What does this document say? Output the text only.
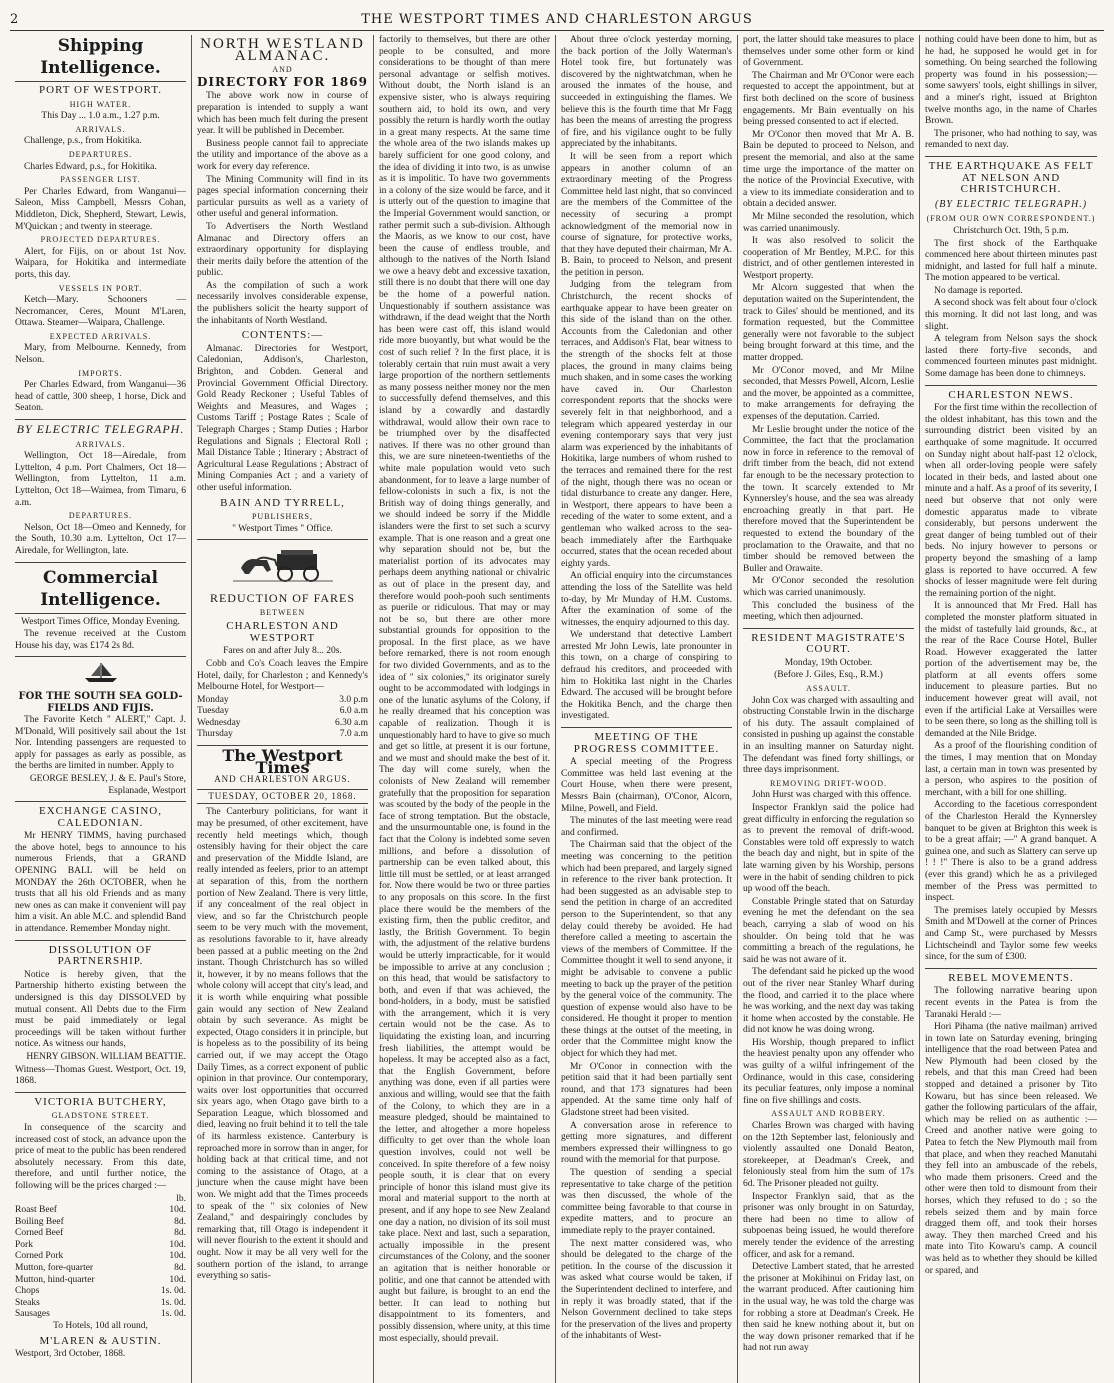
2	THE WESTPORT TIMES AND CHARLESTON ARGUS
Shipping Intelligence.
PORT OF WESTPORT.
HIGH WATER.

This Day ... 1.0 a.m., 1.27 p.m.

ARRIVALS.

Challenge, p.s., from Hokitika.

DEPARTURES.

Charles Edward, p.s., for Hokitika.

PASSENGER LIST.

Per Charles Edward, from Wanganui—Saleon, Miss Campbell, Messrs Cohan, Middleton, Dick, Shepherd, Stewart, Lewis, M'Quickan ; and twenty in steerage.

PROJECTED DEPARTURES.

Alert, for Fijis, on or about 1st Nov. Waipara, for Hokitika and intermediate ports, this day.

VESSELS IN PORT.

Ketch—Mary. Schooners — Necromancer, Ceres, Mount M'Laren, Ottawa. Steamer—Waipara, Challenge.

EXPECTED ARRIVALS.

Mary, from Melbourne. Kennedy, from Nelson.

IMPORTS.

Per Charles Edward, from Wanganui—36 head of cattle, 300 sheep, 1 horse, Dick and Seaton.

BY ELECTRIC TELEGRAPH.
ARRIVALS.

Wellington, Oct 18—Airedale, from Lyttelton, 4 p.m. Port Chalmers, Oct 18—Wellington, from Lyttelton, 11 a.m. Lyttelton, Oct 18—Waimea, from Timaru, 6 a.m.

DEPARTURES.

Nelson, Oct 18—Omeo and Kennedy, for the South, 10.30 a.m. Lyttelton, Oct 17—Airedale, for Wellington, late.

Commercial Intelligence.

Westport Times Office, Monday Evening.

The revenue received at the Custom House his day, was £174 2s 8d.

FOR THE SOUTH SEA GOLD-FIELDS AND FIJIS.

The Favorite Ketch " ALERT," Capt. J. M'Donald, Will positively sail about the 1st Nor. Intending passengers are requested to apply for passages as early as possible, as the berths are limited in number. Apply to

GEORGE BESLEY, J. & E. Paul's Store, Esplanade, Westport

EXCHANGE CASINO, CALEDONIAN.

Mr HENRY TIMMS, having purchased the above hotel, begs to announce to his numerous Friends, that a GRAND OPENING BALL will be held on MONDAY the 26th OCTOBER, when he trusts that all his old Friends and as many new ones as can make it convenient will pay him a visit. An able M.C. and splendid Band in attendance. Remember Monday night.

DISSOLUTION OF PARTNERSHIP.

Notice is hereby given, that the Partnership hitherto existing between the undersigned is this day DISSOLVED by mutual consent. All Debts due to the Firm must be paid immediately or legal proceedings will be taken without further notice. As witness our hands,

HENRY GIBSON. WILLIAM BEATTIE.

Witness—Thomas Guest. Westport, Oct. 19, 1868.

VICTORIA BUTCHERY,
GLADSTONE STREET.

In consequence of the scarcity and increased cost of stock, an advance upon the price of meat to the public has been rendered absolutely necessary. From this date, therefore, and until further notice, the following will be the prices charged :—

lb.
Roast Beef	10d.
Boiling Beef	8d.
Corned Beef	8d.
Pork	10d.
Corned Pork	10d.
Mutton, fore-quarter	8d.
Mutton, hind-quarter	10d.
Chops	1s. 0d.
Steaks	1s. 0d.
Sausages	1s. 0d.

To Hotels, 10d all round,

M'LAREN & AUSTIN.

Westport, 3rd October, 1868.

NORTH WESTLAND ALMANAC.
AND
DIRECTORY FOR 1869

The above work now in course of preparation is intended to supply a want which has been much felt during the present year. It will be published in December.

Business people cannot fail to appreciate the utility and importance of the above as a work for every day reference.

The Mining Community will find in its pages special information concerning their particular pursuits as well as a variety of other useful and general information.

To Advertisers the North Westland Almanac and Directory offers an extraordinary opportunity for displaying their merits daily before the attention of the public.

As the compilation of such a work necessarily involves considerable expense, the publishers solicit the hearty support of the inhabitants of North Westland.

CONTENTS:—

Almanac. Directories for Westport, Caledonian, Addison's, Charleston, Brighton, and Cobden. General and Provincial Government Official Directory. Gold Ready Reckoner ; Useful Tables of Weights and Measures, and Wages ; Customs Tariff ; Postage Rates ; Scale of Telegraph Charges ; Stamp Duties ; Harbor Regulations and Signals ; Electoral Roll ; Mail Distance Table ; Itinerary ; Abstract of Agricultural Lease Regulations ; Abstract of Mining Companies Act ; and a variety of other useful information.

BAIN AND TYRRELL,
PUBLISHERS,

" Westport Times " Office.

REDUCTION OF FARES
BETWEEN
CHARLESTON AND WESTPORT

Fares on and after July 8... 20s.

Cobb and Co's Coach leaves the Empire Hotel, daily, for Charleston ; and Kennedy's Melbourne Hotel, for Westport—

Monday	3.0 p.m
Tuesday	6.0 a.m
Wednesday	6.30 a.m
Thursday	7.0 a.m
The Westport Times
AND CHARLESTON ARGUS.
TUESDAY, OCTOBER 20, 1868.

The Canterbury politicians, for want it may be presumed, of other excitement, have recently held meetings which, though ostensibly having for their object the care and preservation of the Middle Island, are really intended as feelers, prior to an attempt at separation of this, from the northern portion of New Zealand. There is very little, if any concealment of the real object in view, and so far the Christchurch people seem to be very much with the movement, as resolutions favorable to it, have already been passed at a public meeting on the 2nd instant. Though Christchurch has so willed it, however, it by no means follows that the whole colony will accept that city's lead, and it is worth while enquiring what possible gain would any section of New Zealand obtain by such severance. As might be expected, Otago considers it in principle, but is hopeless as to the possibility of its being carried out, if we may accept the Otago Daily Times, as a correct exponent of public opinion in that province. Our contemporary, waits over lost opportunities that occurred six years ago, when Otago gave birth to a Separation League, which blossomed and died, leaving no fruit behind it to tell the tale of its harmless existence. Canterbury is reproached more in sorrow than in anger, for holding back at that critical time, and not coming to the assistance of Otago, at a juncture when the cause might have been won. We might add that the Times proceeds to speak of the " six colonies of New Zealand," and despairingly concludes by remarking that, till Otago is independent it will never flourish to the extent it should and ought. Now it may be all very well for the southern portion of the island, to arrange everything so satis-

factorily to themselves, but there are other people to be consulted, and more considerations to be thought of than mere personal advantage or selfish motives. Without doubt, the North island is an expensive sister, who is always requiring southern aid, to hold its own, and very possibly the return is hardly worth the outlay in a great many respects. At the same time the whole area of the two islands makes up barely sufficient for one good colony, and the idea of dividing it into two, is as unwise as it is impolitic. To have two governments in a colony of the size would be farce, and it is utterly out of the question to imagine that the Imperial Government would sanction, or rather permit such a sub-division. Although the Maoris, as we know to our cost, have been the cause of endless trouble, and although to the natives of the North Island we owe a heavy debt and excessive taxation, still there is no doubt that there will one day be the home of a powerful nation. Unquestionably if southern assistance was withdrawn, if the dead weight that the North has been were cast off, this island would ride more buoyantly, but what would be the cost of such relief ? In the first place, it is tolerably certain that ruin must await a very large proportion of the northern settlements as many possess neither money nor the men to successfully defend themselves, and this island by a cowardly and dastardly withdrawal, would allow their own race to be triumphed over by the disaffected natives. If there was no other ground than this, we are sure nineteen-twentieths of the white male population would veto such abandonment, for to leave a large number of fellow-colonists in such a fix, is not the British way of doing things generally, and we should indeed be sorry if the Middle islanders were the first to set such a scurvy example. That is one reason and a great one why separation should not be, but the materialist portion of its advocates may perhaps deem anything national or chivalric as out of place in the present day, and therefore would pooh-pooh such sentiments as puerile or ridiculous. That may or may not be so, but there are other more substantial grounds for opposition to the proposal. In the first place, as we have before remarked, there is not room enough for two divided Governments, and as to the idea of " six colonies," its originator surely ought to be accommodated with lodgings in one of the lunatic asylums of the Colony, if he really dreamed that his conception was capable of realization. Though it is unquestionably hard to have to give so much and get so little, at present it is our fortune, and we must and should make the best of it. The day will come surely, when the colonists of New Zealand will remember gratefully that the proposition for separation was scouted by the body of the people in the face of strong temptation. But the obstacle, and the unsurmountable one, is found in the fact that the Colony is indebted some seven millions, and before a dissolution of partnership can be even talked about, this little till must be settled, or at least arranged for. Now there would be two or three parties to any proposals on this score. In the first place there would be the members of the existing firm, then the public creditor, and lastly, the British Government. To begin with, the adjustment of the relative burdens would be utterly impracticable, for it would be impossible to arrive at any conclusion ; on this head, that would be satisfactory to both, and even if that was achieved, the bond-holders, in a body, must be satisfied with the arrangement, which it is very certain would not be the case. As to liquidating the existing loan, and incurring fresh liabilities, the attempt would be hopeless. It may be accepted also as a fact, that the English Government, before anything was done, even if all parties were anxious and willing, would see that the faith of the Colony, to which they are in a measure pledged, should be maintained to the letter, and altogether a more hopeless difficulty to get over than the whole loan question involves, could not well be conceived. In spite therefore of a few noisy people south, it is clear that on every principle of honor this island must give its moral and material support to the north at present, and if any hope to see New Zealand one day a nation, no division of its soil must take place. Next and last, such a separation, actually impossible in the present circumstances of the Colony, and the sooner an agitation that is neither honorable or politic, and one that cannot be attended with aught but failure, is brought to an end the better. It can lead to nothing but disappointment to its fomenters, and possibly dissension, where unity, at this time most especially, should prevail.

About three o'clock yesterday morning, the back portion of the Jolly Waterman's Hotel took fire, but fortunately was discovered by the nightwatchman, when he aroused the inmates of the house, and succeeded in extinguishing the flames. We believe this is the fourth time that Mr Fagg has been the means of arresting the progress of fire, and his vigilance ought to be fully appreciated by the inhabitants.

It will be seen from a report which appears in another column of an extraordinary meeting of the Progress Committee held last night, that so convinced are the members of the Committee of the necessity of securing a prompt acknowledgment of the memorial now in course of signature, for protective works, that they have deputed their chairman, Mr A. B. Bain, to proceed to Nelson, and present the petition in person.

Judging from the telegram from Christchurch, the recent shocks of earthquake appear to have been greater on this side of the island than on the other. Accounts from the Caledonian and other terraces, and Addison's Flat, bear witness to the strength of the shocks felt at those places, the ground in many claims being much shaken, and in some cases the working have caved in. Our Charleston correspondent reports that the shocks were severely felt in that neighborhood, and a telegram which appeared yesterday in our evening contemporary says that very just alarm was experienced by the inhabitants of Hokitika, large numbers of whom rushed to the terraces and remained there for the rest of the night, though there was no ocean or tidal disturbance to create any danger. Here, in Westport, there appears to have been a receding of the water to some extent, and a gentleman who walked across to the sea-beach immediately after the Earthquake occurred, states that the ocean receded about eighty yards.

An official enquiry into the circumstances attending the loss of the Satellite was held to-day, by Mr Munday of H.M. Customs. After the examination of some of the witnesses, the enquiry adjourned to this day.

We understand that detective Lambert arrested Mr John Lewis, late pronounter in this town, on a charge of conspiring to defraud his creditors, and proceeded with him to Hokitika last night in the Charles Edward. The accused will be brought before the Hokitika Bench, and the charge then investigated.

MEETING OF THE PROGRESS COMMITTEE.

A special meeting of the Progress Committee was held last evening at the Court House, when there were present, Messrs Bain (chairman), O'Conor, Alcorn, Milne, Powell, and Field.

The minutes of the last meeting were read and confirmed.

The Chairman said that the object of the meeting was concerning to the petition which had been prepared, and largely signed in reference to the river bank protection. It had been suggested as an advisable step to send the petition in charge of an accredited person to the Superintendent, so that any delay could thereby be avoided. He had therefore called a meeting to ascertain the views of the members of Committee. If the Committee thought it well to send anyone, it might be advisable to convene a public meeting to back up the prayer of the petition by the general voice of the community. The question of expense would also have to be considered. He thought it proper to mention these things at the outset of the meeting, in order that the Committee might know the object for which they had met.

Mr O'Conor in connection with the petition said that it had been partially sent round, and that 173 signatures had been appended. At the same time only half of Gladstone street had been visited.

A conversation arose in reference to getting more signatures, and different members expressed their willingness to go round with the memorial for that purpose.

The question of sending a special representative to take charge of the petition was then discussed, the whole of the committee being favorable to that course in expedite matters, and to procure an immediate reply to the prayer contained.

The next matter considered was, who should be delegated to the charge of the petition. In the course of the discussion it was asked what course would be taken, if the Superintendent declined to interfere, and in reply it was broadly stated, that if the Nelson Government declined to take steps for the preservation of the lives and property of the inhabitants of West-

port, the latter should take measures to place themselves under some other form or kind of Government.

The Chairman and Mr O'Conor were each requested to accept the appointment, but at first both declined on the score of business engagements. Mr Bain eventually on his being pressed consented to act if elected.

Mr O'Conor then moved that Mr A. B. Bain be deputed to proceed to Nelson, and present the memorial, and also at the same time urge the importance of the matter on the notice of the Provincial Executive, with a view to its immediate consideration and to obtain a decided answer.

Mr Milne seconded the resolution, which was carried unanimously.

It was also resolved to solicit the cooperation of Mr Bentley, M.P.C. for this district, and of other gentlemen interested in Westport property.

Mr Alcorn suggested that when the deputation waited on the Superintendent, the track to Giles' should be mentioned, and its formation requested, but the Committee generally were not favorable to the subject being brought forward at this time, and the matter dropped.

Mr O'Conor moved, and Mr Milne seconded, that Messrs Powell, Alcorn, Leslie and the mover, be appointed as a committee, to make arrangements for defraying the expenses of the deputation. Carried.

Mr Leslie brought under the notice of the Committee, the fact that the proclamation now in force in reference to the removal of drift timber from the beach, did not extend far enough to be the necessary protection to the town. It scarcely extended to Mr Kynnersley's house, and the sea was already encroaching greatly in that part. He therefore moved that the Superintendent be requested to extend the boundary of the proclamation to the Orawaite, and that no timber should be removed between the Buller and Orawaite.

Mr O'Conor seconded the resolution which was carried unanimously.

This concluded the business of the meeting, which then adjourned.

RESIDENT MAGISTRATE'S COURT.

Monday, 19th October.

(Before J. Giles, Esq., R.M.)

ASSAULT.

John Cox was charged with assaulting and obstructing Constable Irwin in the discharge of his duty. The assault complained of consisted in pushing up against the constable in an insulting manner on Saturday night. The defendant was fined forty shillings, or three days imprisonment.

REMOVING DRIFT-WOOD.

John Hurst was charged with this offence.

Inspector Franklyn said the police had great difficulty in enforcing the regulation so as to prevent the removal of drift-wood. Constables were told off expressly to watch the beach day and night, but in spite of the late warning given by his Worship, persons were in the habit of sending children to pick up wood off the beach.

Constable Pringle stated that on Saturday evening he met the defendant on the sea beach, carrying a slab of wood on his shoulder. On being told that he was committing a breach of the regulations, he said he was not aware of it.

The defendant said he picked up the wood out of the river near Stanley Wharf during the flood, and carried it to the place where he was working, and the next day was taking it home when accosted by the constable. He did not know he was doing wrong.

His Worship, though prepared to inflict the heaviest penalty upon any offender who was guilty of a wilful infringement of the Ordinance, would in this case, considering its peculiar features, only impose a nominal fine on five shillings and costs.

ASSAULT AND ROBBERY.

Charles Brown was charged with having on the 12th September last, feloniously and violently assaulted one Donald Beaton, storekeeper, at Deadman's Creek, and feloniously steal from him the sum of 17s 6d. The Prisoner pleaded not guilty.

Inspector Franklyn said, that as the prisoner was only brought in on Saturday, there had been no time to allow of subpoenas being issued, he would therefore merely tender the evidence of the arresting officer, and ask for a remand.

Detective Lambert stated, that he arrested the prisoner at Mokihinui on Friday last, on the warrant produced. After cautioning him in the usual way, he was told the charge was for robbing a store at Deadman's Creek. He then said he knew nothing about it, but on the way down prisoner remarked that if he had not run away

nothing could have been done to him, but as he had, he supposed he would get in for something. On being searched the following property was found in his possession;—some sawyers' tools, eight shillings in silver, and a miner's right, issued at Brighton twelve months ago, in the name of Charles Brown.

The prisoner, who had nothing to say, was remanded to next day.

THE EARTHQUAKE AS FELT AT NELSON AND CHRISTCHURCH.
(BY ELECTRIC TELEGRAPH.)
(FROM OUR OWN CORRESPONDENT.)

Christchurch Oct. 19th, 5 p.m.

The first shock of the Earthquake commenced here about thirteen minutes past midnight, and lasted for full half a minute. The motion appeared to be vertical.

No damage is reported.

A second shock was felt about four o'clock this morning. It did not last long, and was slight.

A telegram from Nelson says the shock lasted there forty-five seconds, and commenced fourteen minutes past midnight. Some damage has been done to chimneys.

CHARLESTON NEWS.

For the first time within the recollection of the oldest inhabitant, has this town and the surrounding district been visited by an earthquake of some magnitude. It occurred on Sunday night about half-past 12 o'clock, when all order-loving people were safely located in their beds, and lasted about one minute and a half. As a proof of its severity, I need but observe that not only were domestic apparatus made to vibrate considerably, but persons underwent the great danger of being tumbled out of their beds. No injury however to persons or property beyond the smashing of a lamp glass is reported to have occurred. A few shocks of lesser magnitude were felt during the remaining portion of the night.

It is announced that Mr Fred. Hall has completed the monster platform situated in the midst of tastefully laid grounds, &c., at the rear of the Race Course Hotel, Buller Road. However exaggerated the latter portion of the advertisement may be, the platform at all events offers some inducement to pleasure parties. But no inducement however great will avail, not even if the artificial Lake at Versailles were to be seen there, so long as the shilling toll is demanded at the Nile Bridge.

As a proof of the flourishing condition of the times, I may mention that on Monday last, a certain man in town was presented by a person, who aspires to the position of merchant, with a bill for one shilling.

According to the facetious correspondent of the Charleston Herald the Kynnersley banquet to be given at Brighton this week is to be a great affair; —" A grand banquet. A guinea one, and such as Slattery can serve up ! ! !" There is also to be a grand address (ever this grand) which he as a privileged member of the Press was permitted to inspect.

The premises lately occupied by Messrs Smith and M'Dowell at the corner of Princes and Camp St., were purchased by Messrs Lichtscheindl and Taylor some few weeks since, for the sum of £300.

REBEL MOVEMENTS.

The following narrative bearing upon recent events in the Patea is from the Taranaki Herald :—

Hori Pihama (the native mailman) arrived in town late on Saturday evening, bringing intelligence that the road between Patea and New Plymouth had been closed by the rebels, and that this man Creed had been stopped and detained a prisoner by Tito Kowaru, but has since been released. We gather the following particulars of the affair, which may be relied on as authentic :—Creed and another native were going to Patea to fetch the New Plymouth mail from that place, and when they reached Manutahi they fell into an ambuscade of the rebels, who made them prisoners. Creed and the other were then told to dismount from their horses, which they refused to do ; so the rebels seized them and by main force dragged them off, and took their horses away. They then marched Creed and his mate into Tito Kowaru's camp. A council was held as to whether they should be killed or spared, and
